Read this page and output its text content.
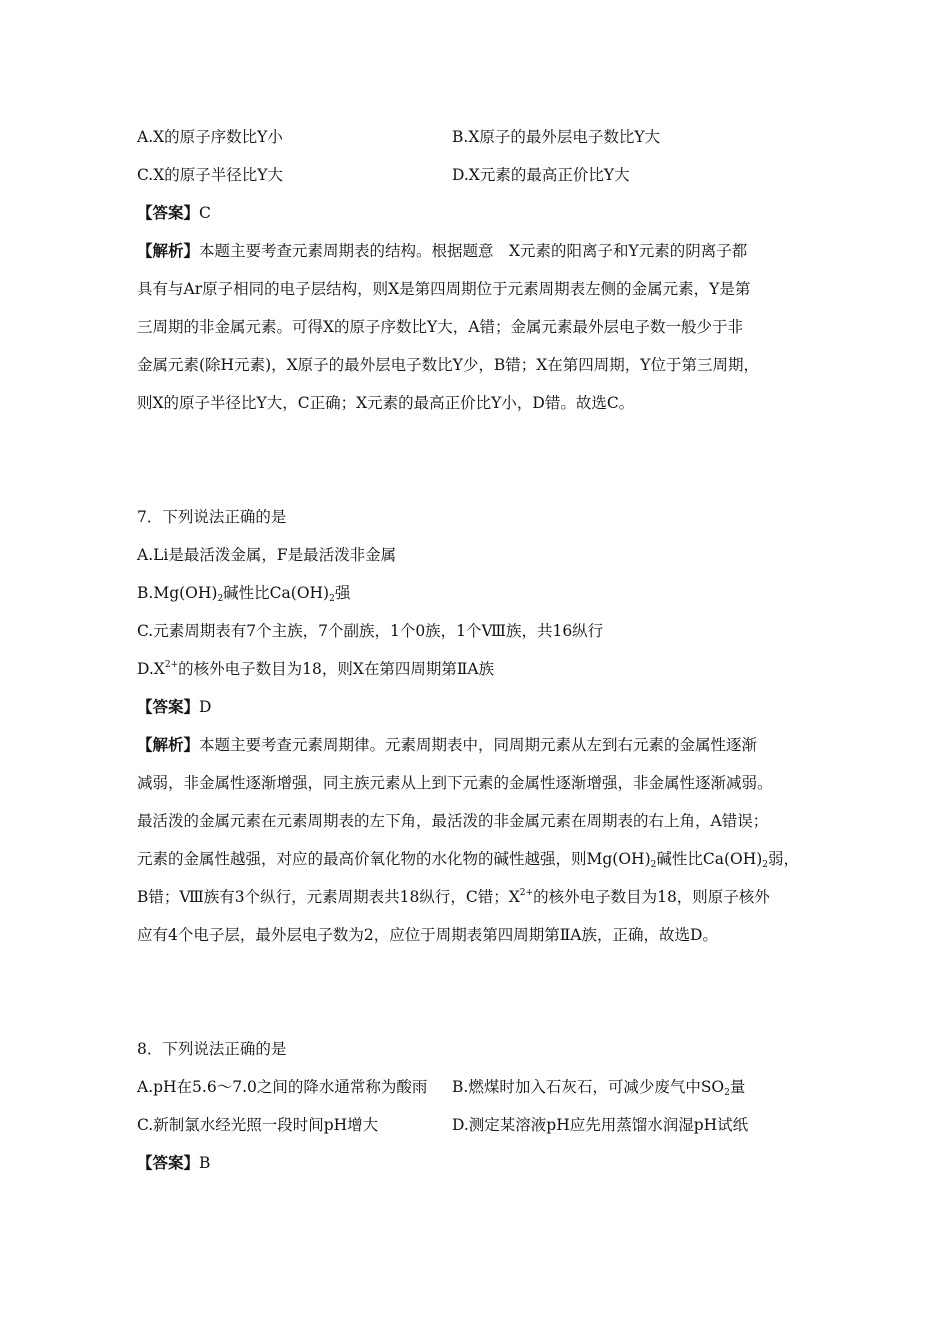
A.X的原子序数比Y小	B.X原子的最外层电子数比Y大
C.X的原子半径比Y大	D.X元素的最高正价比Y大
【答案】C
【解析】本题主要考查元素周期表的结构。根据题意　X元素的阳离子和Y元素的阴离子都
具有与Ar原子相同的电子层结构，则X是第四周期位于元素周期表左侧的金属元素，Y是第
三周期的非金属元素。可得X的原子序数比Y大，A错；金属元素最外层电子数一般少于非
金属元素(除H元素)，X原子的最外层电子数比Y少，B错；X在第四周期，Y位于第三周期，
则X的原子半径比Y大，C正确；X元素的最高正价比Y小，D错。故选C。
7．下列说法正确的是
A.Li是最活泼金属，F是最活泼非金属
$B.Mg(OH)_2$碱性比$Ca(OH)_2$强
C.元素周期表有7个主族，7个副族，1个0族，1个Ⅷ族，共16纵行
$D.X^{2+}$的核外电子数目为18，则X在第四周期第ⅡA族
【答案】D
【解析】本题主要考查元素周期律。元素周期表中，同周期元素从左到右元素的金属性逐渐
减弱，非金属性逐渐增强，同主族元素从上到下元素的金属性逐渐增强，非金属性逐渐减弱。
最活泼的金属元素在元素周期表的左下角，最活泼的非金属元素在周期表的右上角，A错误；
元素的金属性越强，对应的最高价氧化物的水化物的碱性越强，则$Mg(OH)_2$碱性比$Ca(OH)_2$弱，
B错；Ⅷ族有3个纵行，元素周期表共18纵行，C错；$X^{2+}$的核外电子数目为18，则原子核外
应有4个电子层，最外层电子数为2，应位于周期表第四周期第ⅡA族，正确，故选D。
8．下列说法正确的是
A.pH在5.6～7.0之间的降水通常称为酸雨 B.燃煤时加入石灰石，可减少废气中$SO_2$量
C.新制氯水经光照一段时间pH增大	D.测定某溶液pH应先用蒸馏水润湿pH试纸
【答案】B
